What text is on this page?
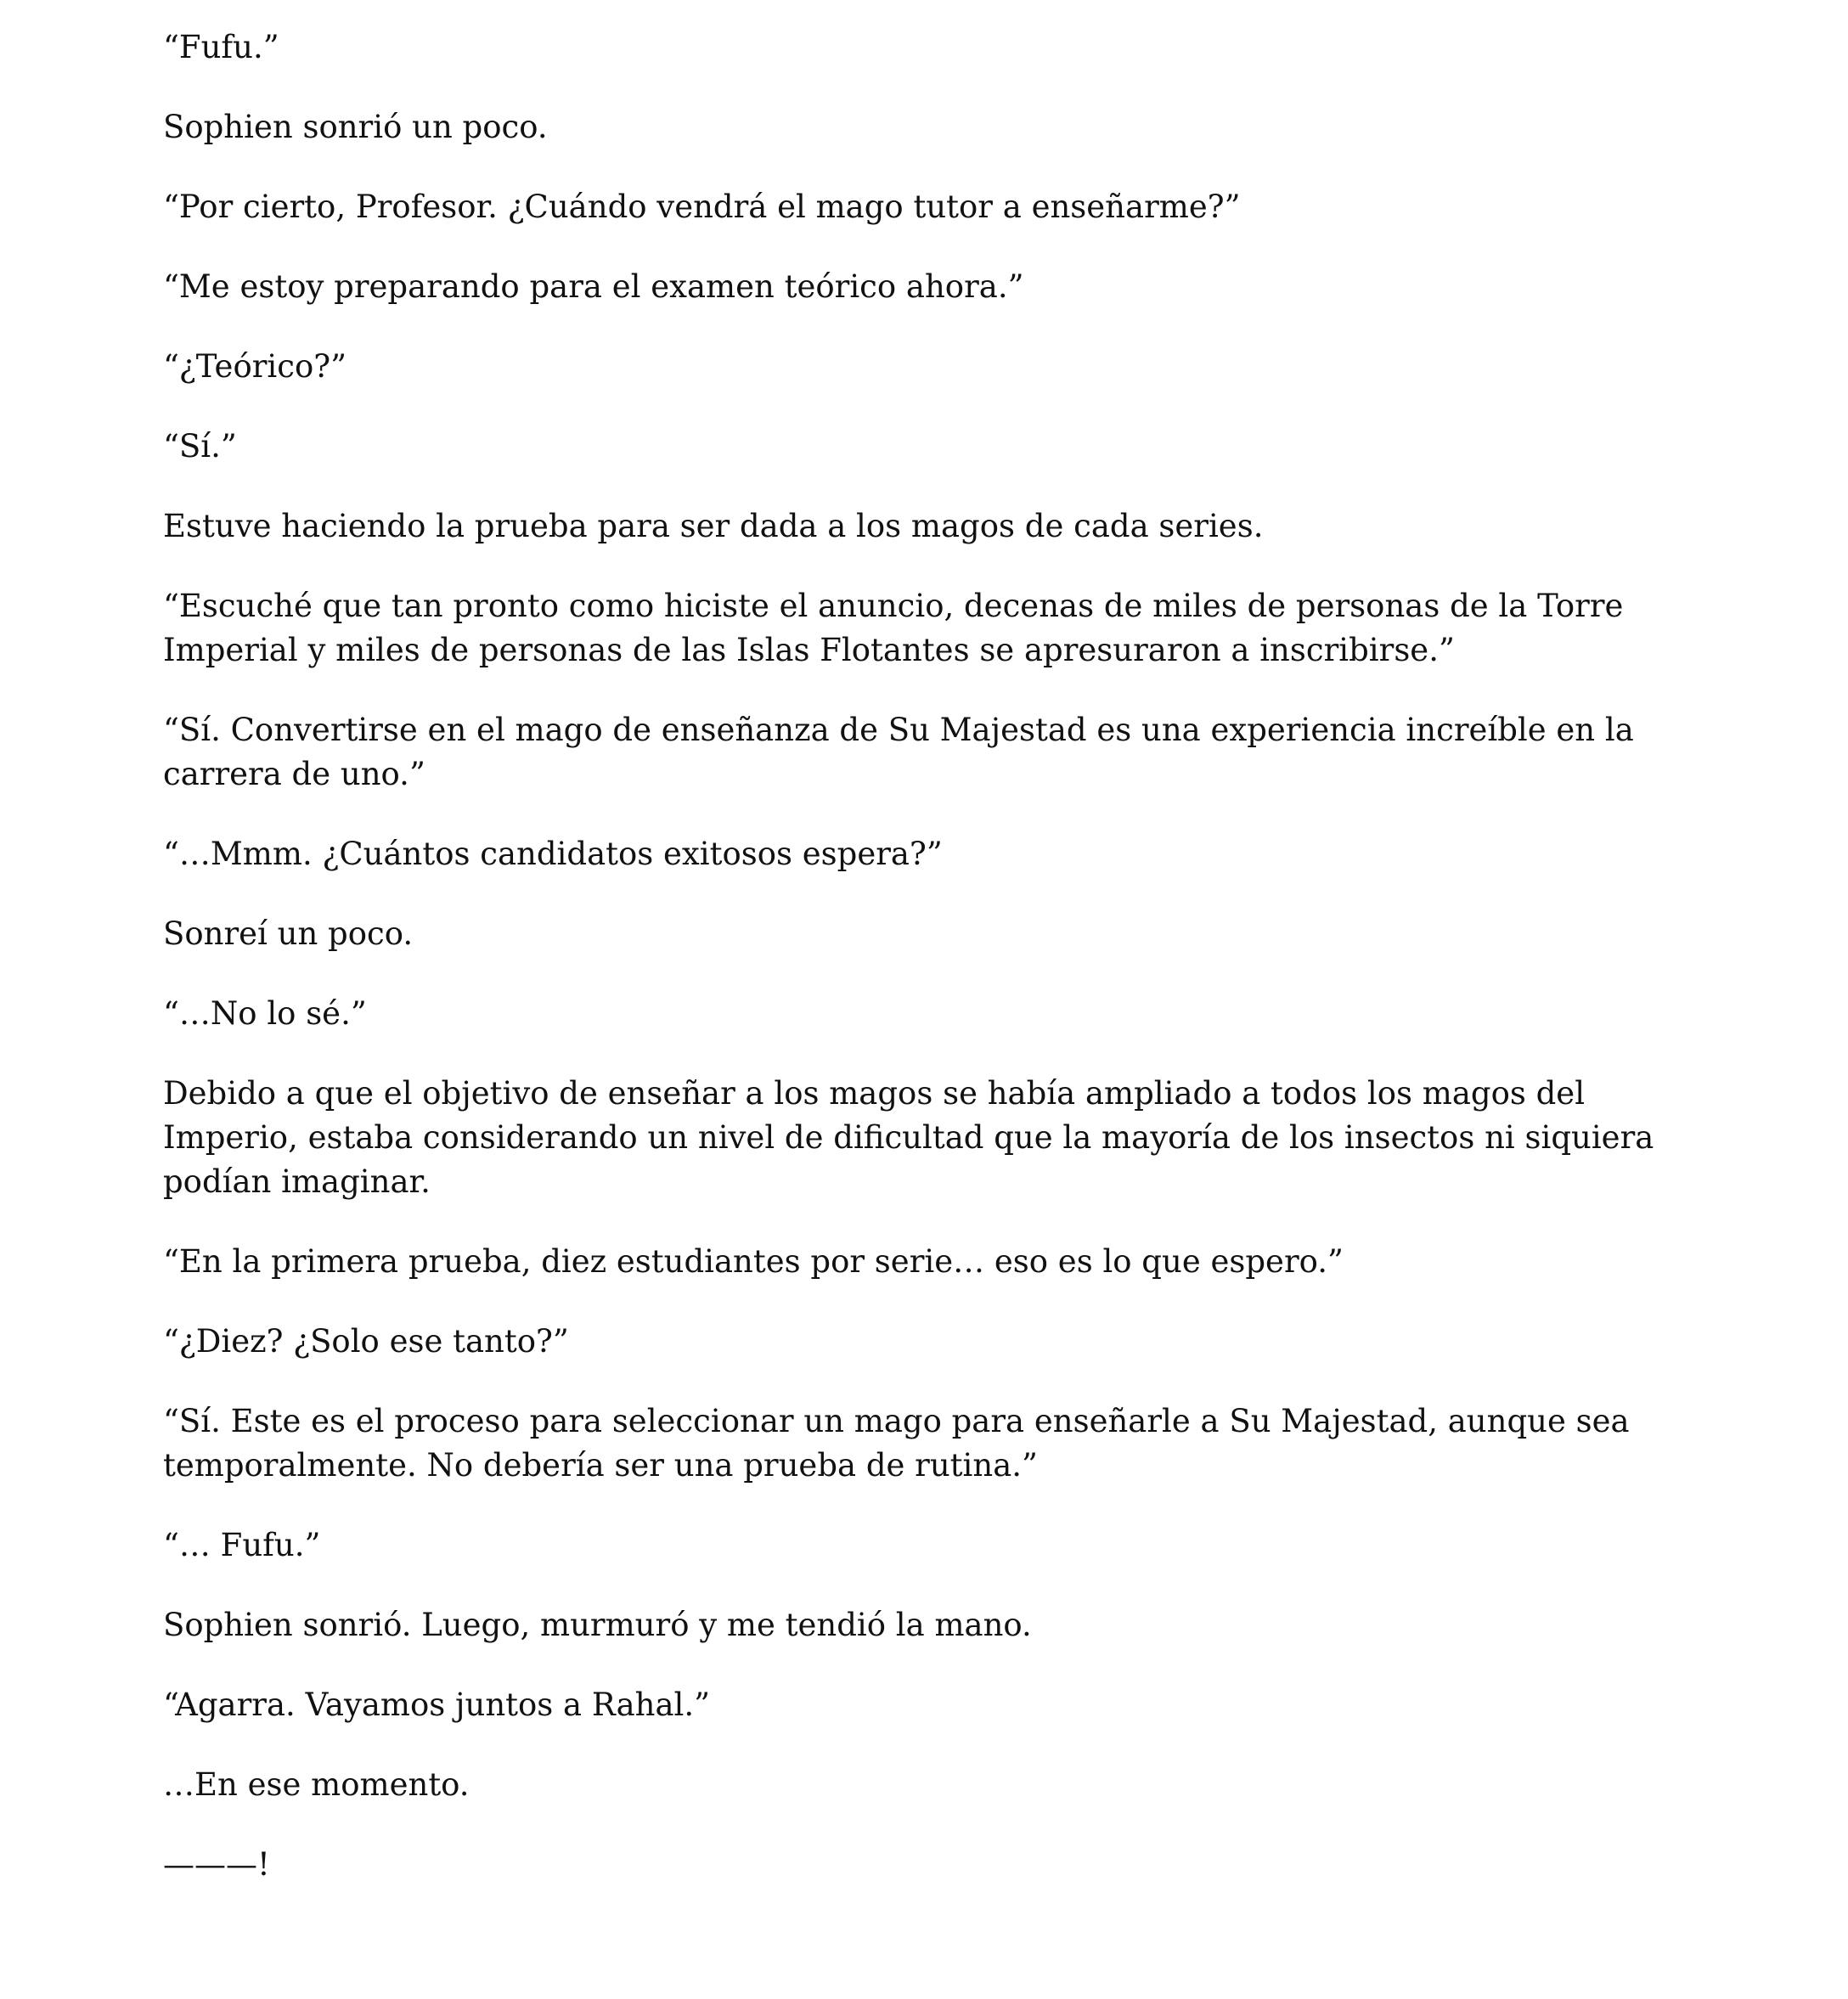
“Fufu.”

Sophien sonrió un poco.

“Por cierto, Profesor. ¿Cuándo vendrá el mago tutor a enseñarme?”

“Me estoy preparando para el examen teórico ahora.”

“¿Teórico?”

“Sí.”

Estuve haciendo la prueba para ser dada a los magos de cada series.

“Escuché que tan pronto como hiciste el anuncio, decenas de miles de personas de la Torre Imperial y miles de personas de las Islas Flotantes se apresuraron a inscribirse.”

“Sí. Convertirse en el mago de enseñanza de Su Majestad es una experiencia increíble en la carrera de uno.”

“…Mmm. ¿Cuántos candidatos exitosos espera?”

Sonreí un poco.

“…No lo sé.”

Debido a que el objetivo de enseñar a los magos se había ampliado a todos los magos del Imperio, estaba considerando un nivel de dificultad que la mayoría de los insectos ni siquiera podían imaginar.

“En la primera prueba, diez estudiantes por serie… eso es lo que espero.”

“¿Diez? ¿Solo ese tanto?”

“Sí. Este es el proceso para seleccionar un mago para enseñarle a Su Majestad, aunque sea temporalmente. No debería ser una prueba de rutina.”

“… Fufu.”

Sophien sonrió. Luego, murmuró y me tendió la mano.

“Agarra. Vayamos juntos a Rahal.”

…En ese momento.

———!
